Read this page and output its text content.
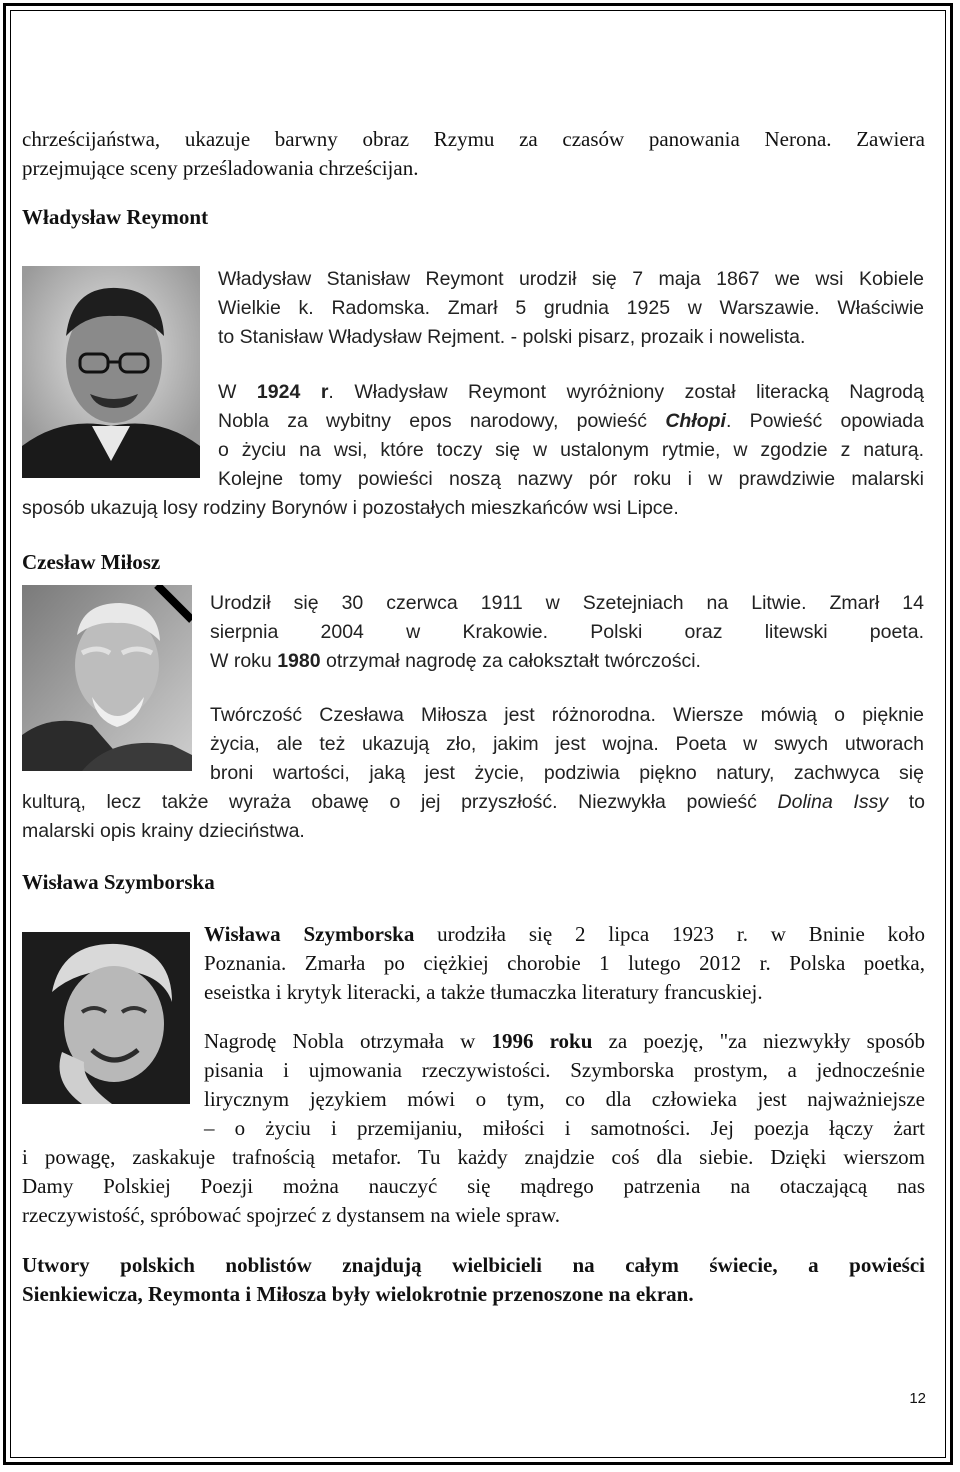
chrześcijaństwa, ukazuje barwny obraz Rzymu za czasów panowania Nerona. Zawiera

przejmujące sceny prześladowania chrześcijan.

Władysław Reymont

Władysław Stanisław Reymont urodził się 7 maja 1867 we wsi Kobiele

Wielkie k. Radomska. Zmarł 5 grudnia 1925 w Warszawie. Właściwie

to Stanisław Władysław Rejment. - polski pisarz, prozaik i nowelista.

W 1924 r. Władysław Reymont wyróżniony został literacką Nagrodą

Nobla za wybitny epos narodowy, powieść Chłopi. Powieść opowiada

o życiu na wsi, które toczy się w ustalonym rytmie, w zgodzie z naturą.

Kolejne tomy powieści noszą nazwy pór roku i w prawdziwie malarski

sposób ukazują losy rodziny Borynów i pozostałych mieszkańców wsi Lipce.

Czesław Miłosz

Urodził się 30 czerwca 1911 w Szetejniach na Litwie. Zmarł 14

sierpnia 2004 w Krakowie. Polski oraz litewski poeta.

W roku 1980 otrzymał nagrodę za całokształt twórczości.

Twórczość Czesława Miłosza jest różnorodna. Wiersze mówią o pięknie

życia, ale też ukazują zło, jakim jest wojna. Poeta w swych utworach

broni wartości, jaką jest życie, podziwia piękno natury, zachwyca się

kulturą, lecz także wyraża obawę o jej przyszłość. Niezwykła powieść Dolina Issy to

malarski opis krainy dzieciństwa.

Wisława Szymborska

Wisława Szymborska urodziła się 2 lipca 1923 r. w Bninie koło

Poznania. Zmarła po ciężkiej chorobie 1 lutego 2012 r. Polska poetka,

eseistka i krytyk literacki, a także tłumaczka literatury francuskiej.

Nagrodę Nobla otrzymała w 1996 roku za poezję, "za niezwykły sposób

pisania i ujmowania rzeczywistości. Szymborska prostym, a jednocześnie

lirycznym językiem mówi o tym, co dla człowieka jest najważniejsze

– o życiu i przemijaniu, miłości i samotności. Jej poezja łączy żart

i powagę, zaskakuje trafnością metafor. Tu każdy znajdzie coś dla siebie. Dzięki wierszom

Damy Polskiej Poezji można nauczyć się mądrego patrzenia na otaczającą nas

rzeczywistość, spróbować spojrzeć z dystansem na wiele spraw.

Utwory polskich noblistów znajdują wielbicieli na całym świecie, a powieści

Sienkiewicza, Reymonta i Miłosza były wielokrotnie przenoszone na ekran.

12
